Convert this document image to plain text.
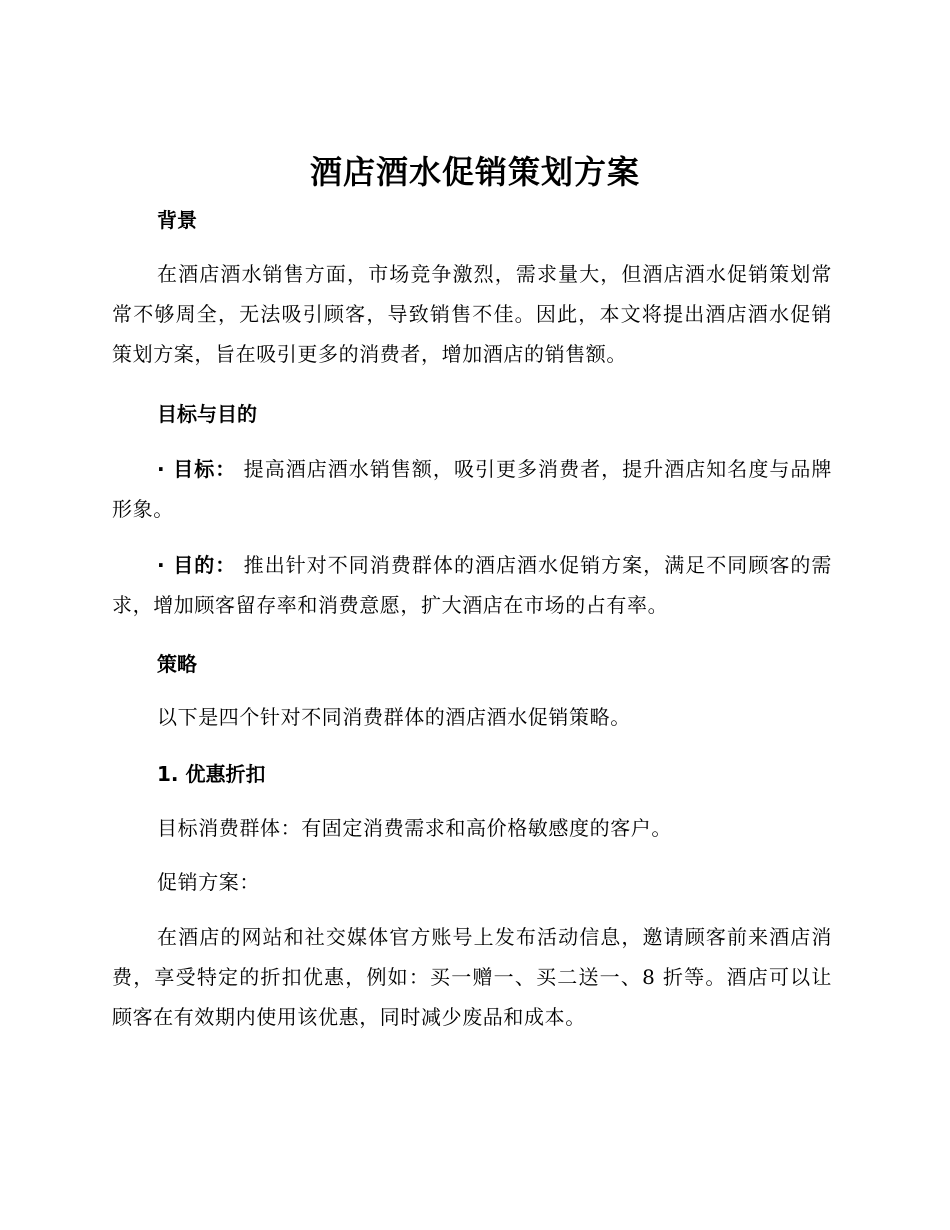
酒店酒水促销策划方案
背景
在酒店酒水销售方面，市场竞争激烈，需求量大，但酒店酒水促销策划常常不够周全，无法吸引顾客，导致销售不佳。因此，本文将提出酒店酒水促销策划方案，旨在吸引更多的消费者，增加酒店的销售额。
目标与目的
· 目标： 提高酒店酒水销售额，吸引更多消费者，提升酒店知名度与品牌形象。
· 目的： 推出针对不同消费群体的酒店酒水促销方案，满足不同顾客的需求，增加顾客留存率和消费意愿，扩大酒店在市场的占有率。
策略
以下是四个针对不同消费群体的酒店酒水促销策略。
1. 优惠折扣
目标消费群体：有固定消费需求和高价格敏感度的客户。
促销方案：
在酒店的网站和社交媒体官方账号上发布活动信息，邀请顾客前来酒店消费，享受特定的折扣优惠，例如：买一赠一、买二送一、8 折等。酒店可以让顾客在有效期内使用该优惠，同时减少废品和成本。
